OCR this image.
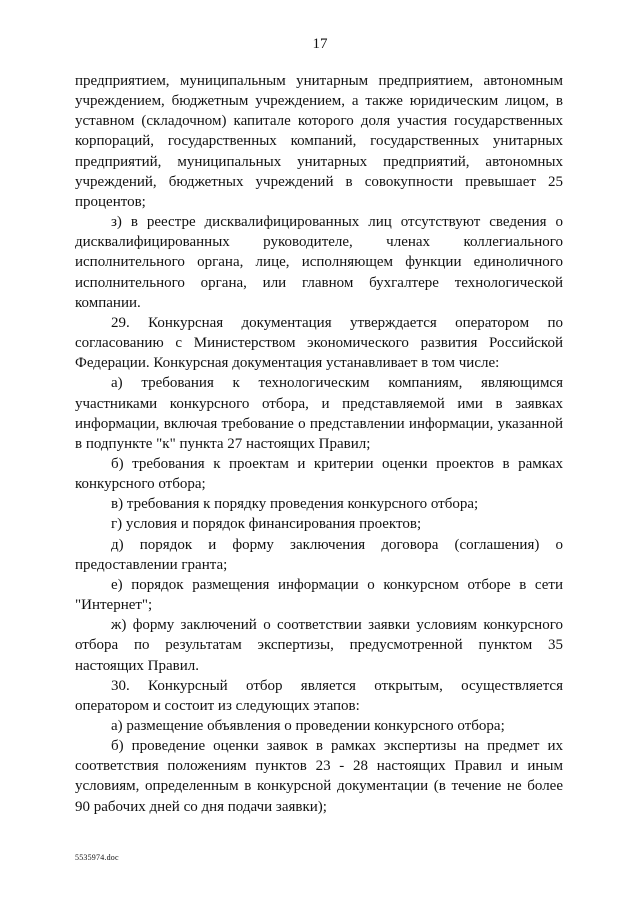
17

предприятием, муниципальным унитарным предприятием, автономным учреждением, бюджетным учреждением, а также юридическим лицом, в уставном (складочном) капитале которого доля участия государственных корпораций, государственных компаний, государственных унитарных предприятий, муниципальных унитарных предприятий, автономных учреждений, бюджетных учреждений в совокупности превышает 25 процентов;

з) в реестре дисквалифицированных лиц отсутствуют сведения о дисквалифицированных руководителе, членах коллегиального исполнительного органа, лице, исполняющем функции единоличного исполнительного органа, или главном бухгалтере технологической компании.

29. Конкурсная документация утверждается оператором по согласованию с Министерством экономического развития Российской Федерации. Конкурсная документация устанавливает в том числе:

а) требования к технологическим компаниям, являющимся участниками конкурсного отбора, и представляемой ими в заявках информации, включая требование о представлении информации, указанной в подпункте "к" пункта 27 настоящих Правил;

б) требования к проектам и критерии оценки проектов в рамках конкурсного отбора;

в) требования к порядку проведения конкурсного отбора;

г) условия и порядок финансирования проектов;

д) порядок и форму заключения договора (соглашения) о предоставлении гранта;

е) порядок размещения информации о конкурсном отборе в сети "Интернет";

ж) форму заключений о соответствии заявки условиям конкурсного отбора по результатам экспертизы, предусмотренной пунктом 35 настоящих Правил.

30. Конкурсный отбор является открытым, осуществляется оператором и состоит из следующих этапов:

а) размещение объявления о проведении конкурсного отбора;

б) проведение оценки заявок в рамках экспертизы на предмет их соответствия положениям пунктов 23 - 28 настоящих Правил и иным условиям, определенным в конкурсной документации (в течение не более 90 рабочих дней со дня подачи заявки);

5535974.doc
